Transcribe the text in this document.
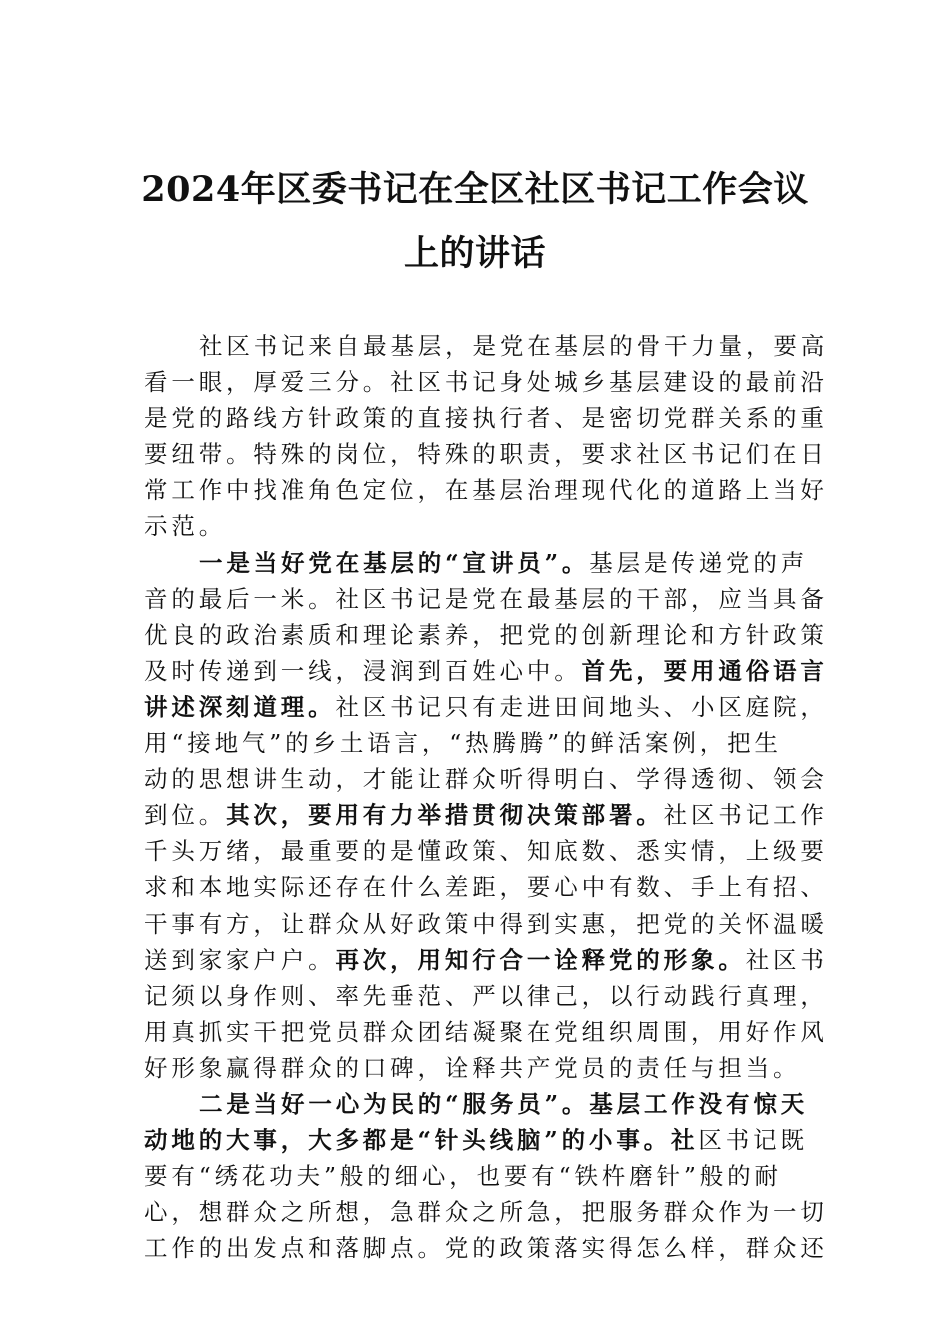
2024年区委书记在全区社区书记工作会议
上的讲话
社区书记来自最基层，是党在基层的骨干力量，要高
看一眼，厚爱三分。社区书记身处城乡基层建设的最前沿
是党的路线方针政策的直接执行者、是密切党群关系的重
要纽带。特殊的岗位，特殊的职责，要求社区书记们在日
常工作中找准角色定位，在基层治理现代化的道路上当好
示范。
一是当好党在基层的“宣讲员”。基层是传递党的声
音的最后一米。社区书记是党在最基层的干部，应当具备
优良的政治素质和理论素养，把党的创新理论和方针政策
及时传递到一线，浸润到百姓心中。首先，要用通俗语言
讲述深刻道理。社区书记只有走进田间地头、小区庭院，
用“接地气”的乡土语言，“热腾腾”的鲜活案例，把生
动的思想讲生动，才能让群众听得明白、学得透彻、领会
到位。其次，要用有力举措贯彻决策部署。社区书记工作
千头万绪，最重要的是懂政策、知底数、悉实情，上级要
求和本地实际还存在什么差距，要心中有数、手上有招、
干事有方，让群众从好政策中得到实惠，把党的关怀温暖
送到家家户户。再次，用知行合一诠释党的形象。社区书
记须以身作则、率先垂范、严以律己，以行动践行真理，
用真抓实干把党员群众团结凝聚在党组织周围，用好作风
好形象赢得群众的口碑，诠释共产党员的责任与担当。
二是当好一心为民的“服务员”。基层工作没有惊天
动地的大事，大多都是“针头线脑”的小事。社区书记既
要有“绣花功夫”般的细心，也要有“铁杵磨针”般的耐
心，想群众之所想，急群众之所急，把服务群众作为一切
工作的出发点和落脚点。党的政策落实得怎么样，群众还
